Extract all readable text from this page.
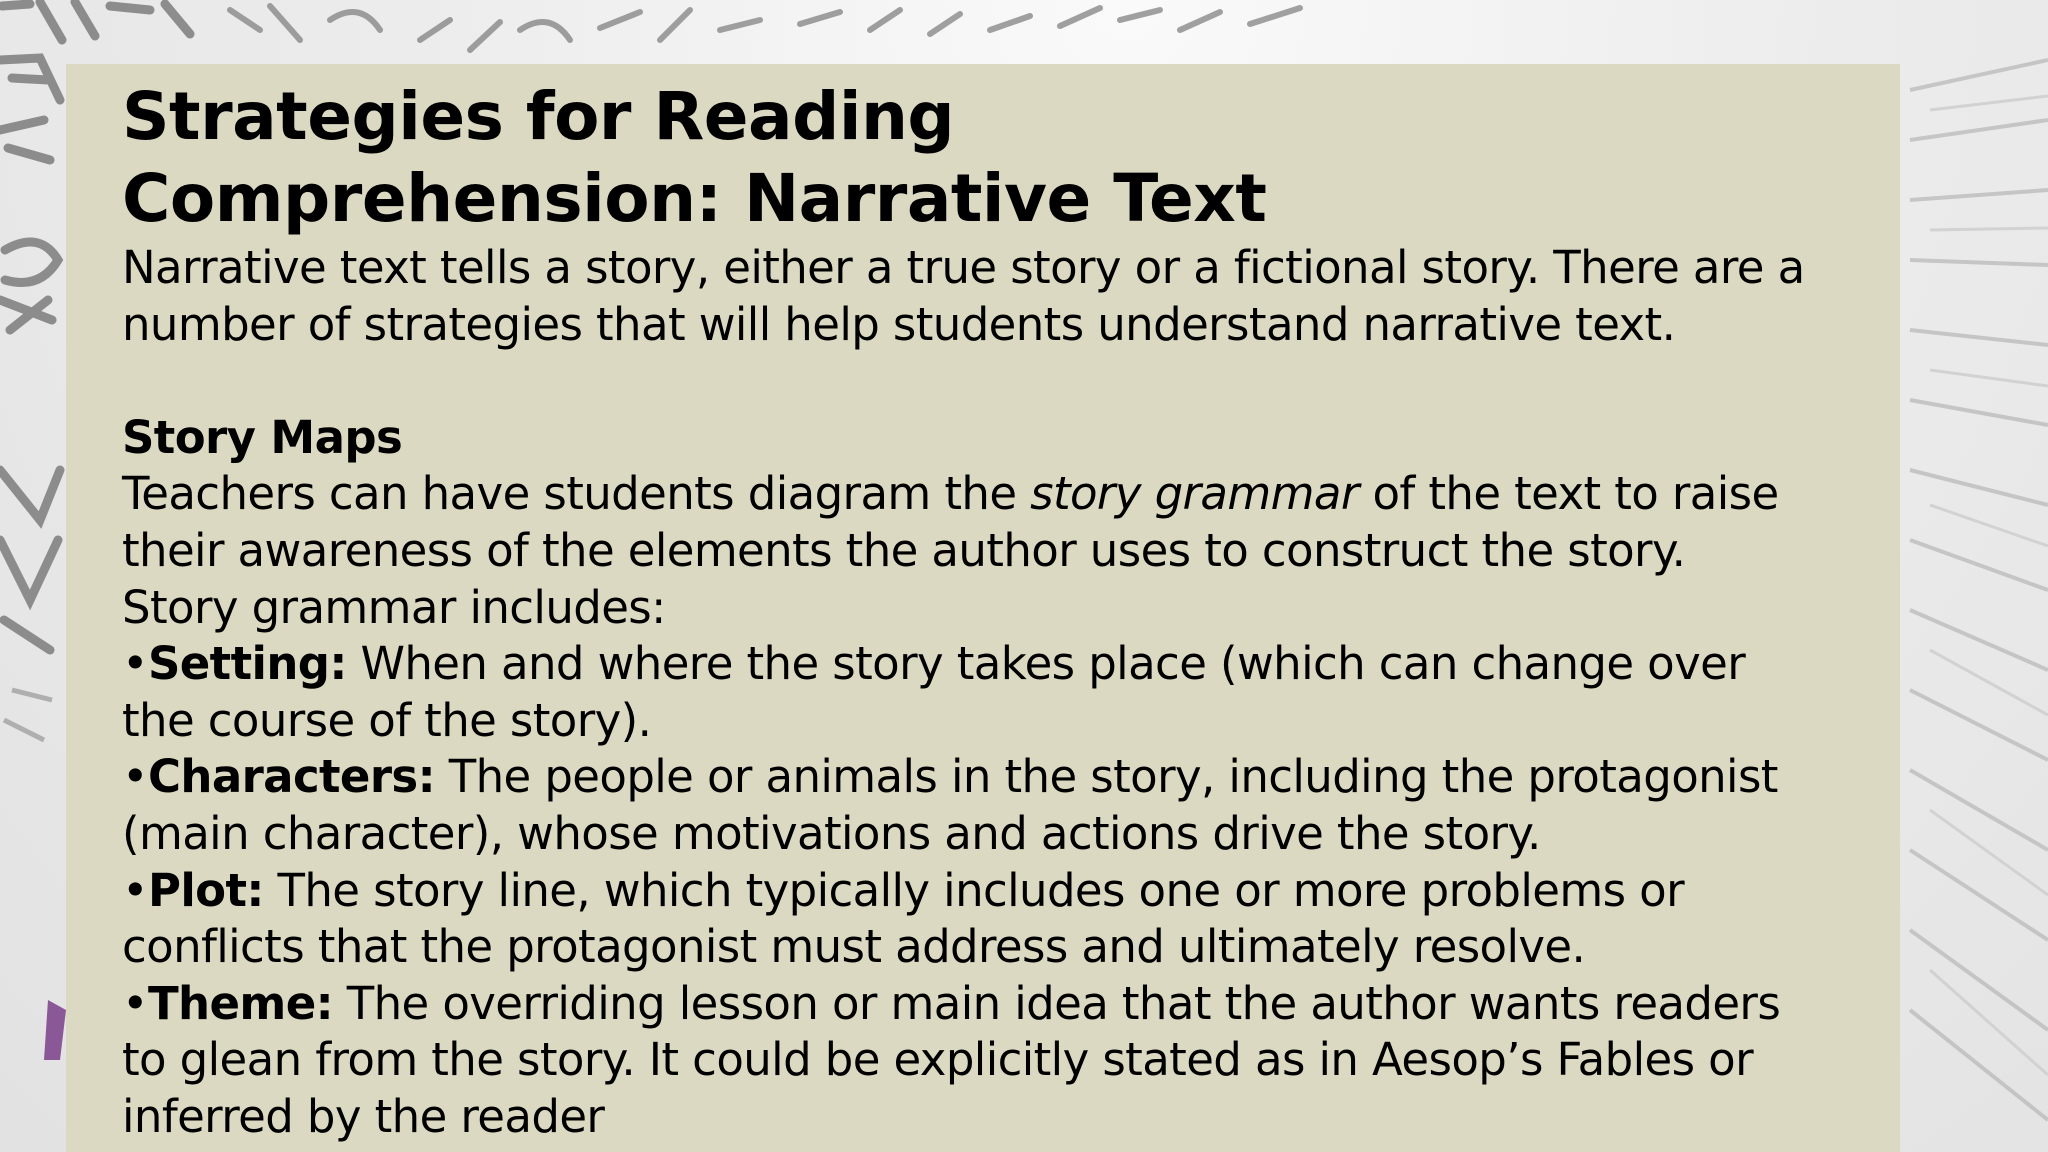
Strategies for Reading
Comprehension: Narrative Text

Narrative text tells a story, either a true story or a fictional story. There are a number of strategies that will help students understand narrative text.

Story Maps

Teachers can have students diagram the story grammar of the text to raise their awareness of the elements the author uses to construct the story.

Story grammar includes:

•Setting: When and where the story takes place (which can change over the course of the story).

•Characters: The people or animals in the story, including the protagonist (main character), whose motivations and actions drive the story.

•Plot: The story line, which typically includes one or more problems or conflicts that the protagonist must address and ultimately resolve.

•Theme: The overriding lesson or main idea that the author wants readers to glean from the story. It could be explicitly stated as in Aesop’s Fables or inferred by the reader
